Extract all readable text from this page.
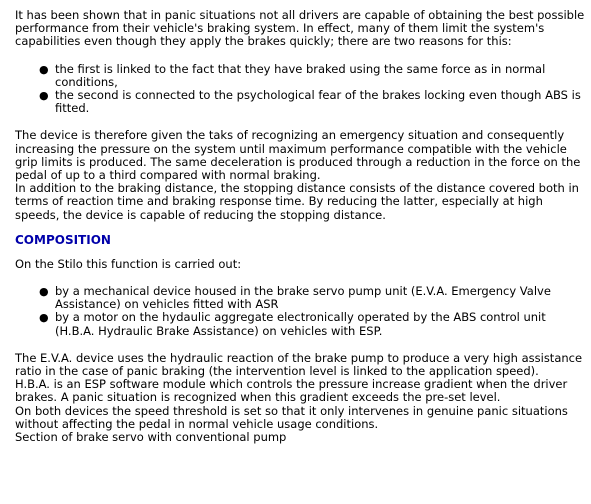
It has been shown that in panic situations not all drivers are capable of obtaining the best possible performance from their vehicle's braking system. In effect, many of them limit the system's capabilities even though they apply the brakes quickly; there are two reasons for this:

● the first is linked to the fact that they have braked using the same force as in normal conditions,
● the second is connected to the psychological fear of the brakes locking even though ABS is fitted.

The device is therefore given the taks of recognizing an emergency situation and consequently increasing the pressure on the system until maximum performance compatible with the vehicle grip limits is produced. The same deceleration is produced through a reduction in the force on the pedal of up to a third compared with normal braking.

In addition to the braking distance, the stopping distance consists of the distance covered both in terms of reaction time and braking response time. By reducing the latter, especially at high speeds, the device is capable of reducing the stopping distance.

COMPOSITION

On the Stilo this function is carried out:

● by a mechanical device housed in the brake servo pump unit (E.V.A. Emergency Valve Assistance) on vehicles fitted with ASR
● by a motor on the hydaulic aggregate electronically operated by the ABS control unit (H.B.A. Hydraulic Brake Assistance) on vehicles with ESP.

The E.V.A. device uses the hydraulic reaction of the brake pump to produce a very high assistance ratio in the case of panic braking (the intervention level is linked to the application speed).

H.B.A. is an ESP software module which controls the pressure increase gradient when the driver brakes. A panic situation is recognized when this gradient exceeds the pre-set level.

On both devices the speed threshold is set so that it only intervenes in genuine panic situations without affecting the pedal in normal vehicle usage conditions.

Section of brake servo with conventional pump
